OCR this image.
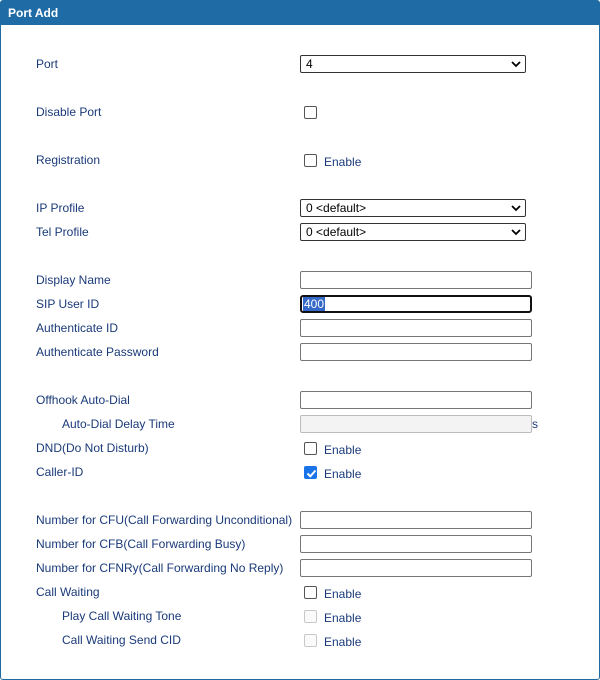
Port Add
Port	4
Disable Port
Registration	Enable
IP Profile	0 <default>
Tel Profile	0 <default>
Display Name
SIP User ID	400
Authenticate ID
Authenticate Password
Offhook Auto-Dial
Auto-Dial Delay Time	s
DND(Do Not Disturb)	Enable
Caller-ID	Enable
Number for CFU(Call Forwarding Unconditional)
Number for CFB(Call Forwarding Busy)
Number for CFNRy(Call Forwarding No Reply)
Call Waiting	Enable
Play Call Waiting Tone	Enable
Call Waiting Send CID	Enable
